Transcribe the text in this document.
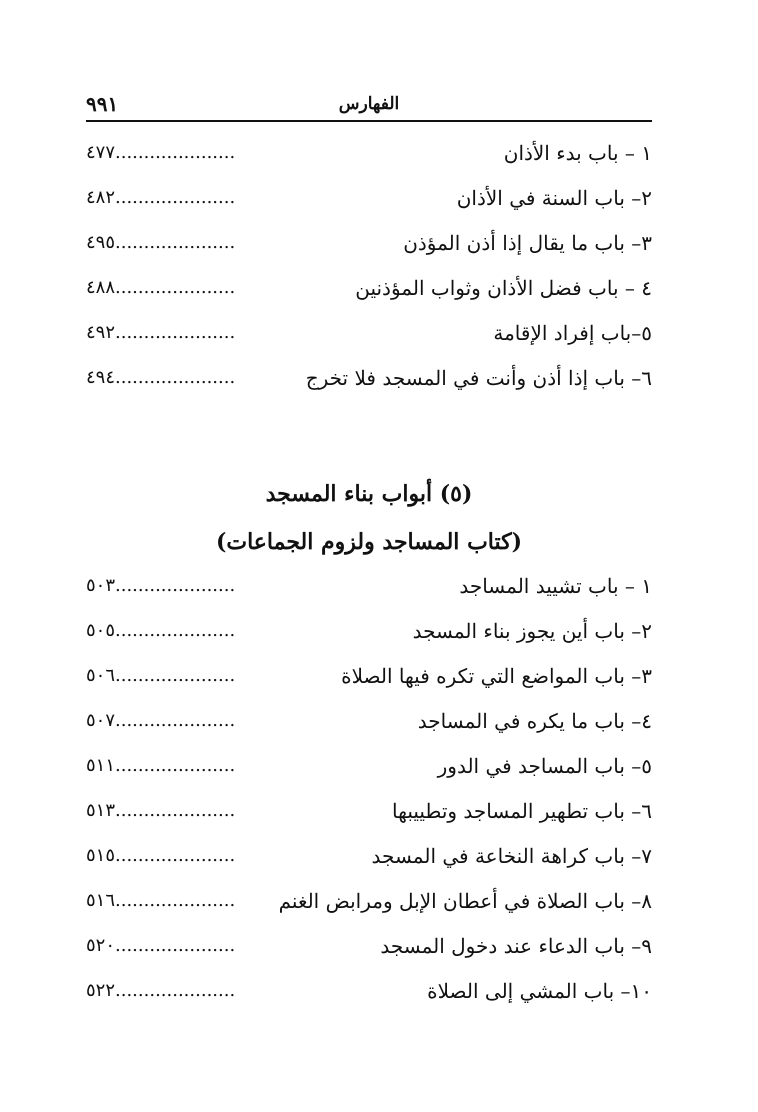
٩٩١	الفهارس
٤٧٧.....................	١ – باب بدء الأذان
٤٨٢.....................	٢– باب السنة في الأذان
٤٩٥.....................	٣– باب ما يقال إذا أذن المؤذن
٤٨٨.....................	٤ – باب فضل الأذان وثواب المؤذنين
٤٩٢.....................	٥–باب إفراد الإقامة
٤٩٤.....................	٦– باب إذا أذن وأنت في المسجد فلا تخرج
(٥) أبواب بناء المسجد
(كتاب المساجد ولزوم الجماعات)
٥٠٣.....................	١ – باب تشييد المساجد
٥٠٥.....................	٢– باب أين يجوز بناء المسجد
٥٠٦.....................	٣– باب المواضع التي تكره فيها الصلاة
٥٠٧.....................	٤– باب ما يكره في المساجد
٥١١.....................	٥– باب المساجد في الدور
٥١٣.....................	٦– باب تطهير المساجد وتطييبها
٥١٥.....................	٧– باب كراهة النخاعة في المسجد
٥١٦.....................	٨– باب الصلاة في أعطان الإبل ومرابض الغنم
٥٢٠.....................	٩– باب الدعاء عند دخول المسجد
٥٢٢.....................	١٠– باب المشي إلى الصلاة
